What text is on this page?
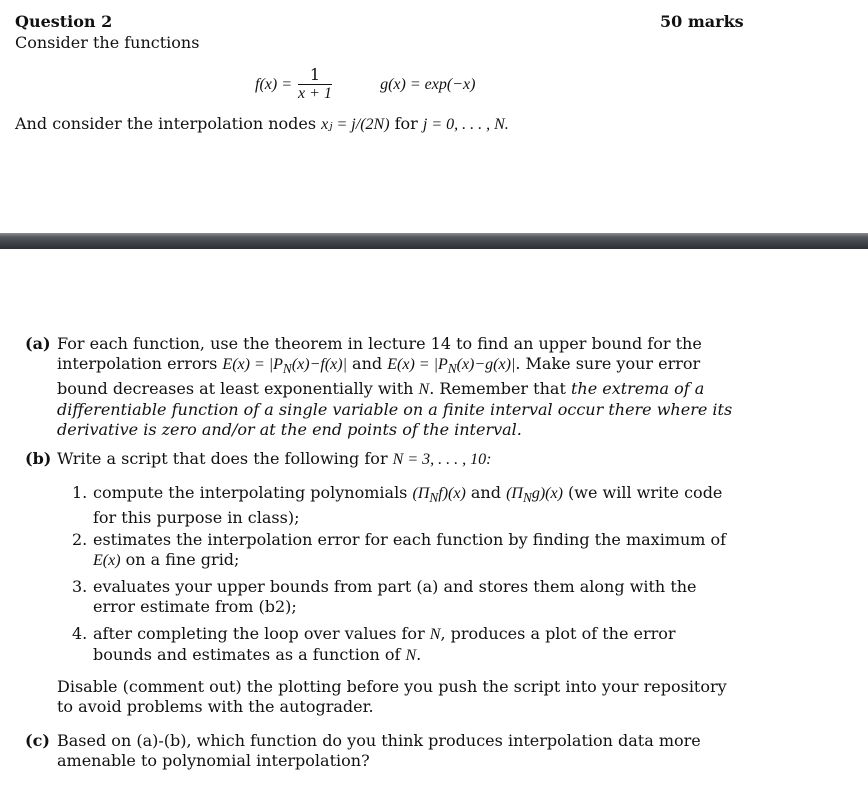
Question 2	50 marks
Consider the functions
$f(x) = \frac{1}{x + 1}$	g(x) = exp(−x)
And consider the interpolation nodes xⱼ = j/(2N) for j = 0, . . . , N.
(a) For each function, use the theorem in lecture 14 to find an upper bound for the interpolation errors $E(x) = |P_N(x)-f(x)|$ and $E(x) = |P_N(x)-g(x)|$. Make sure your error bound decreases at least exponentially with N. Remember that the extrema of a differentiable function of a single variable on a finite interval occur there where its derivative is zero and/or at the end points of the interval.
(b) Write a script that does the following for N = 3, . . . , 10:
1. compute the interpolating polynomials $(\Pi_Nf)(x)$ and $(\Pi_Ng)(x)$ (we will write code for this purpose in class);
2. estimates the interpolation error for each function by finding the maximum of E(x) on a fine grid;
3. evaluates your upper bounds from part (a) and stores them along with the error estimate from (b2);
4. after completing the loop over values for N, produces a plot of the error bounds and estimates as a function of N.
Disable (comment out) the plotting before you push the script into your repository to avoid problems with the autograder.
(c) Based on (a)-(b), which function do you think produces interpolation data more amenable to polynomial interpolation?
